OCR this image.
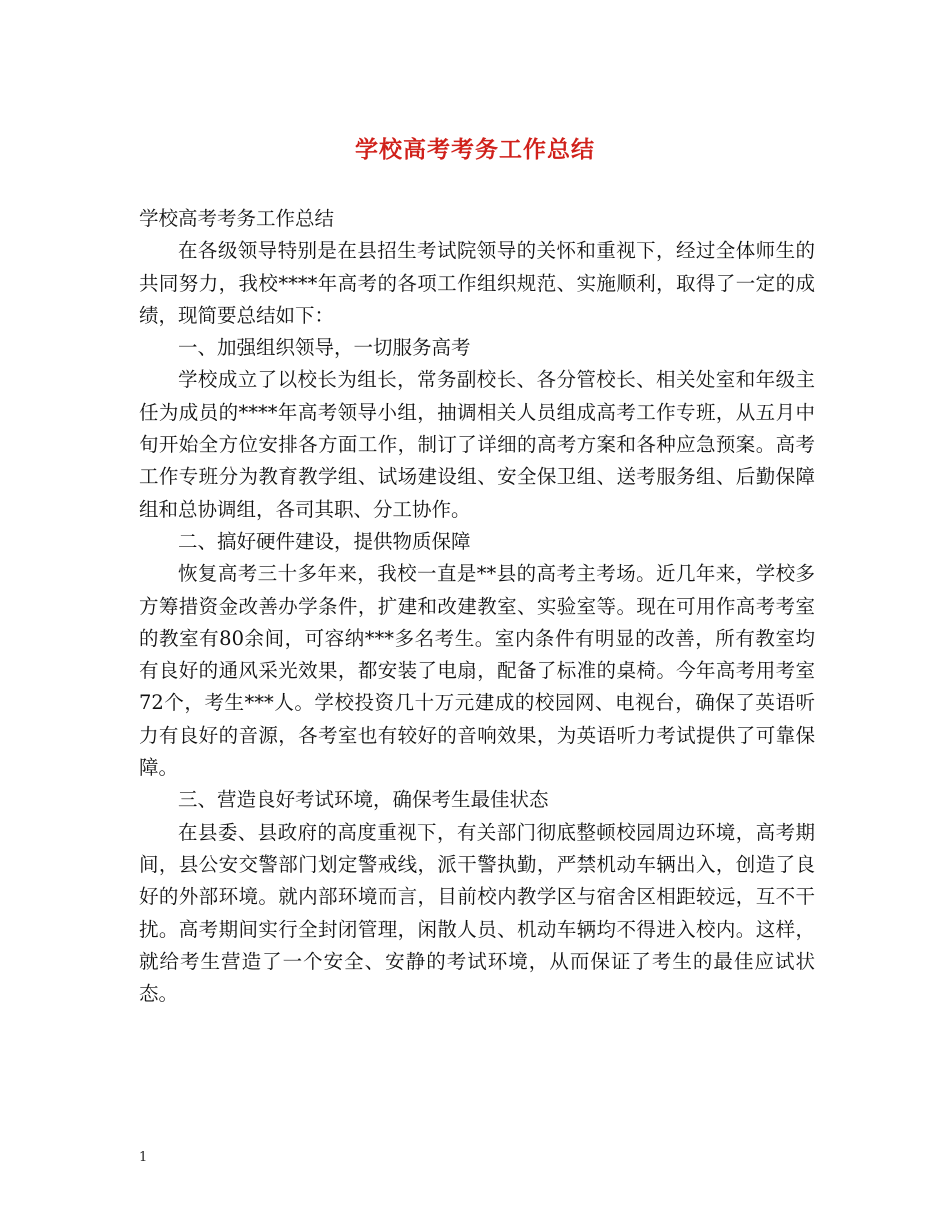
学校高考考务工作总结

学校高考考务工作总结

在各级领导特别是在县招生考试院领导的关怀和重视下，经过全体师生的共同努力，我校****年高考的各项工作组织规范、实施顺利，取得了一定的成绩，现简要总结如下：

一、加强组织领导，一切服务高考

学校成立了以校长为组长，常务副校长、各分管校长、相关处室和年级主任为成员的****年高考领导小组，抽调相关人员组成高考工作专班，从五月中旬开始全方位安排各方面工作，制订了详细的高考方案和各种应急预案。高考工作专班分为教育教学组、试场建设组、安全保卫组、送考服务组、后勤保障组和总协调组，各司其职、分工协作。

二、搞好硬件建设，提供物质保障

恢复高考三十多年来，我校一直是**县的高考主考场。近几年来，学校多方筹措资金改善办学条件，扩建和改建教室、实验室等。现在可用作高考考室的教室有80余间，可容纳***多名考生。室内条件有明显的改善，所有教室均有良好的通风采光效果，都安装了电扇，配备了标准的桌椅。今年高考用考室72个，考生***人。学校投资几十万元建成的校园网、电视台，确保了英语听力有良好的音源，各考室也有较好的音响效果，为英语听力考试提供了可靠保障。

三、营造良好考试环境，确保考生最佳状态

在县委、县政府的高度重视下，有关部门彻底整顿校园周边环境，高考期间，县公安交警部门划定警戒线，派干警执勤，严禁机动车辆出入，创造了良好的外部环境。就内部环境而言，目前校内教学区与宿舍区相距较远，互不干扰。高考期间实行全封闭管理，闲散人员、机动车辆均不得进入校内。这样，就给考生营造了一个安全、安静的考试环境，从而保证了考生的最佳应试状态。

1
